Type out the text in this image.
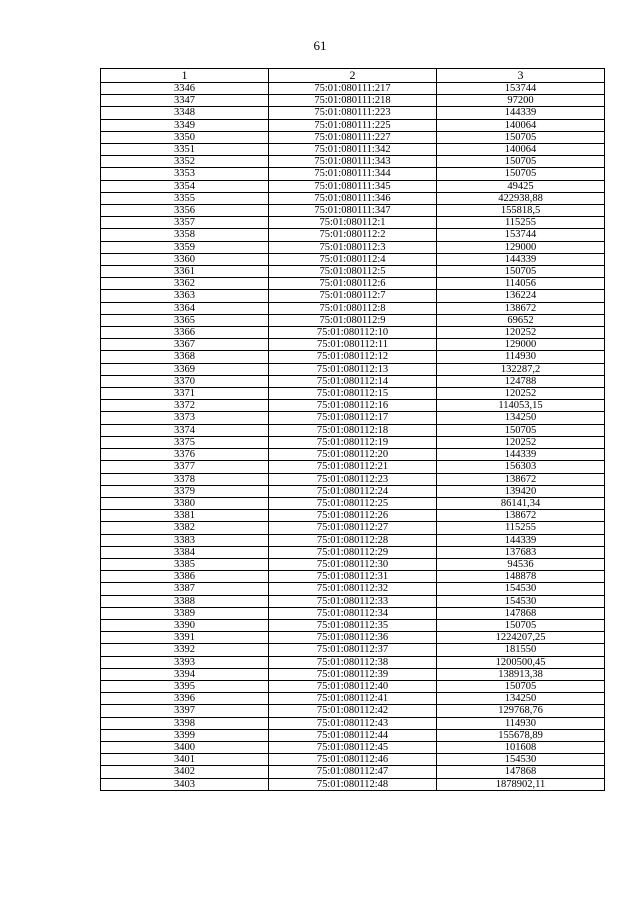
61
1	2	3
3346	75:01:080111:217	153744
3347	75:01:080111:218	97200
3348	75:01:080111:223	144339
3349	75:01:080111:225	140064
3350	75:01:080111:227	150705
3351	75:01:080111:342	140064
3352	75:01:080111:343	150705
3353	75:01:080111:344	150705
3354	75:01:080111:345	49425
3355	75:01:080111:346	422938,88
3356	75:01:080111:347	155818,5
3357	75:01:080112:1	115255
3358	75:01:080112:2	153744
3359	75:01:080112:3	129000
3360	75:01:080112:4	144339
3361	75:01:080112:5	150705
3362	75:01:080112:6	114056
3363	75:01:080112:7	136224
3364	75:01:080112:8	138672
3365	75:01:080112:9	69652
3366	75:01:080112:10	120252
3367	75:01:080112:11	129000
3368	75:01:080112:12	114930
3369	75:01:080112:13	132287,2
3370	75:01:080112:14	124788
3371	75:01:080112:15	120252
3372	75:01:080112:16	114053,15
3373	75:01:080112:17	134250
3374	75:01:080112:18	150705
3375	75:01:080112:19	120252
3376	75:01:080112:20	144339
3377	75:01:080112:21	156303
3378	75:01:080112:23	138672
3379	75:01:080112:24	139420
3380	75:01:080112:25	86141,34
3381	75:01:080112:26	138672
3382	75:01:080112:27	115255
3383	75:01:080112:28	144339
3384	75:01:080112:29	137683
3385	75:01:080112:30	94536
3386	75:01:080112:31	148878
3387	75:01:080112:32	154530
3388	75:01:080112:33	154530
3389	75:01:080112:34	147868
3390	75:01:080112:35	150705
3391	75:01:080112:36	1224207,25
3392	75:01:080112:37	181550
3393	75:01:080112:38	1200500,45
3394	75:01:080112:39	138913,38
3395	75:01:080112:40	150705
3396	75:01:080112:41	134250
3397	75:01:080112:42	129768,76
3398	75:01:080112:43	114930
3399	75:01:080112:44	155678,89
3400	75:01:080112:45	101608
3401	75:01:080112:46	154530
3402	75:01:080112:47	147868
3403	75:01:080112:48	1878902,11
